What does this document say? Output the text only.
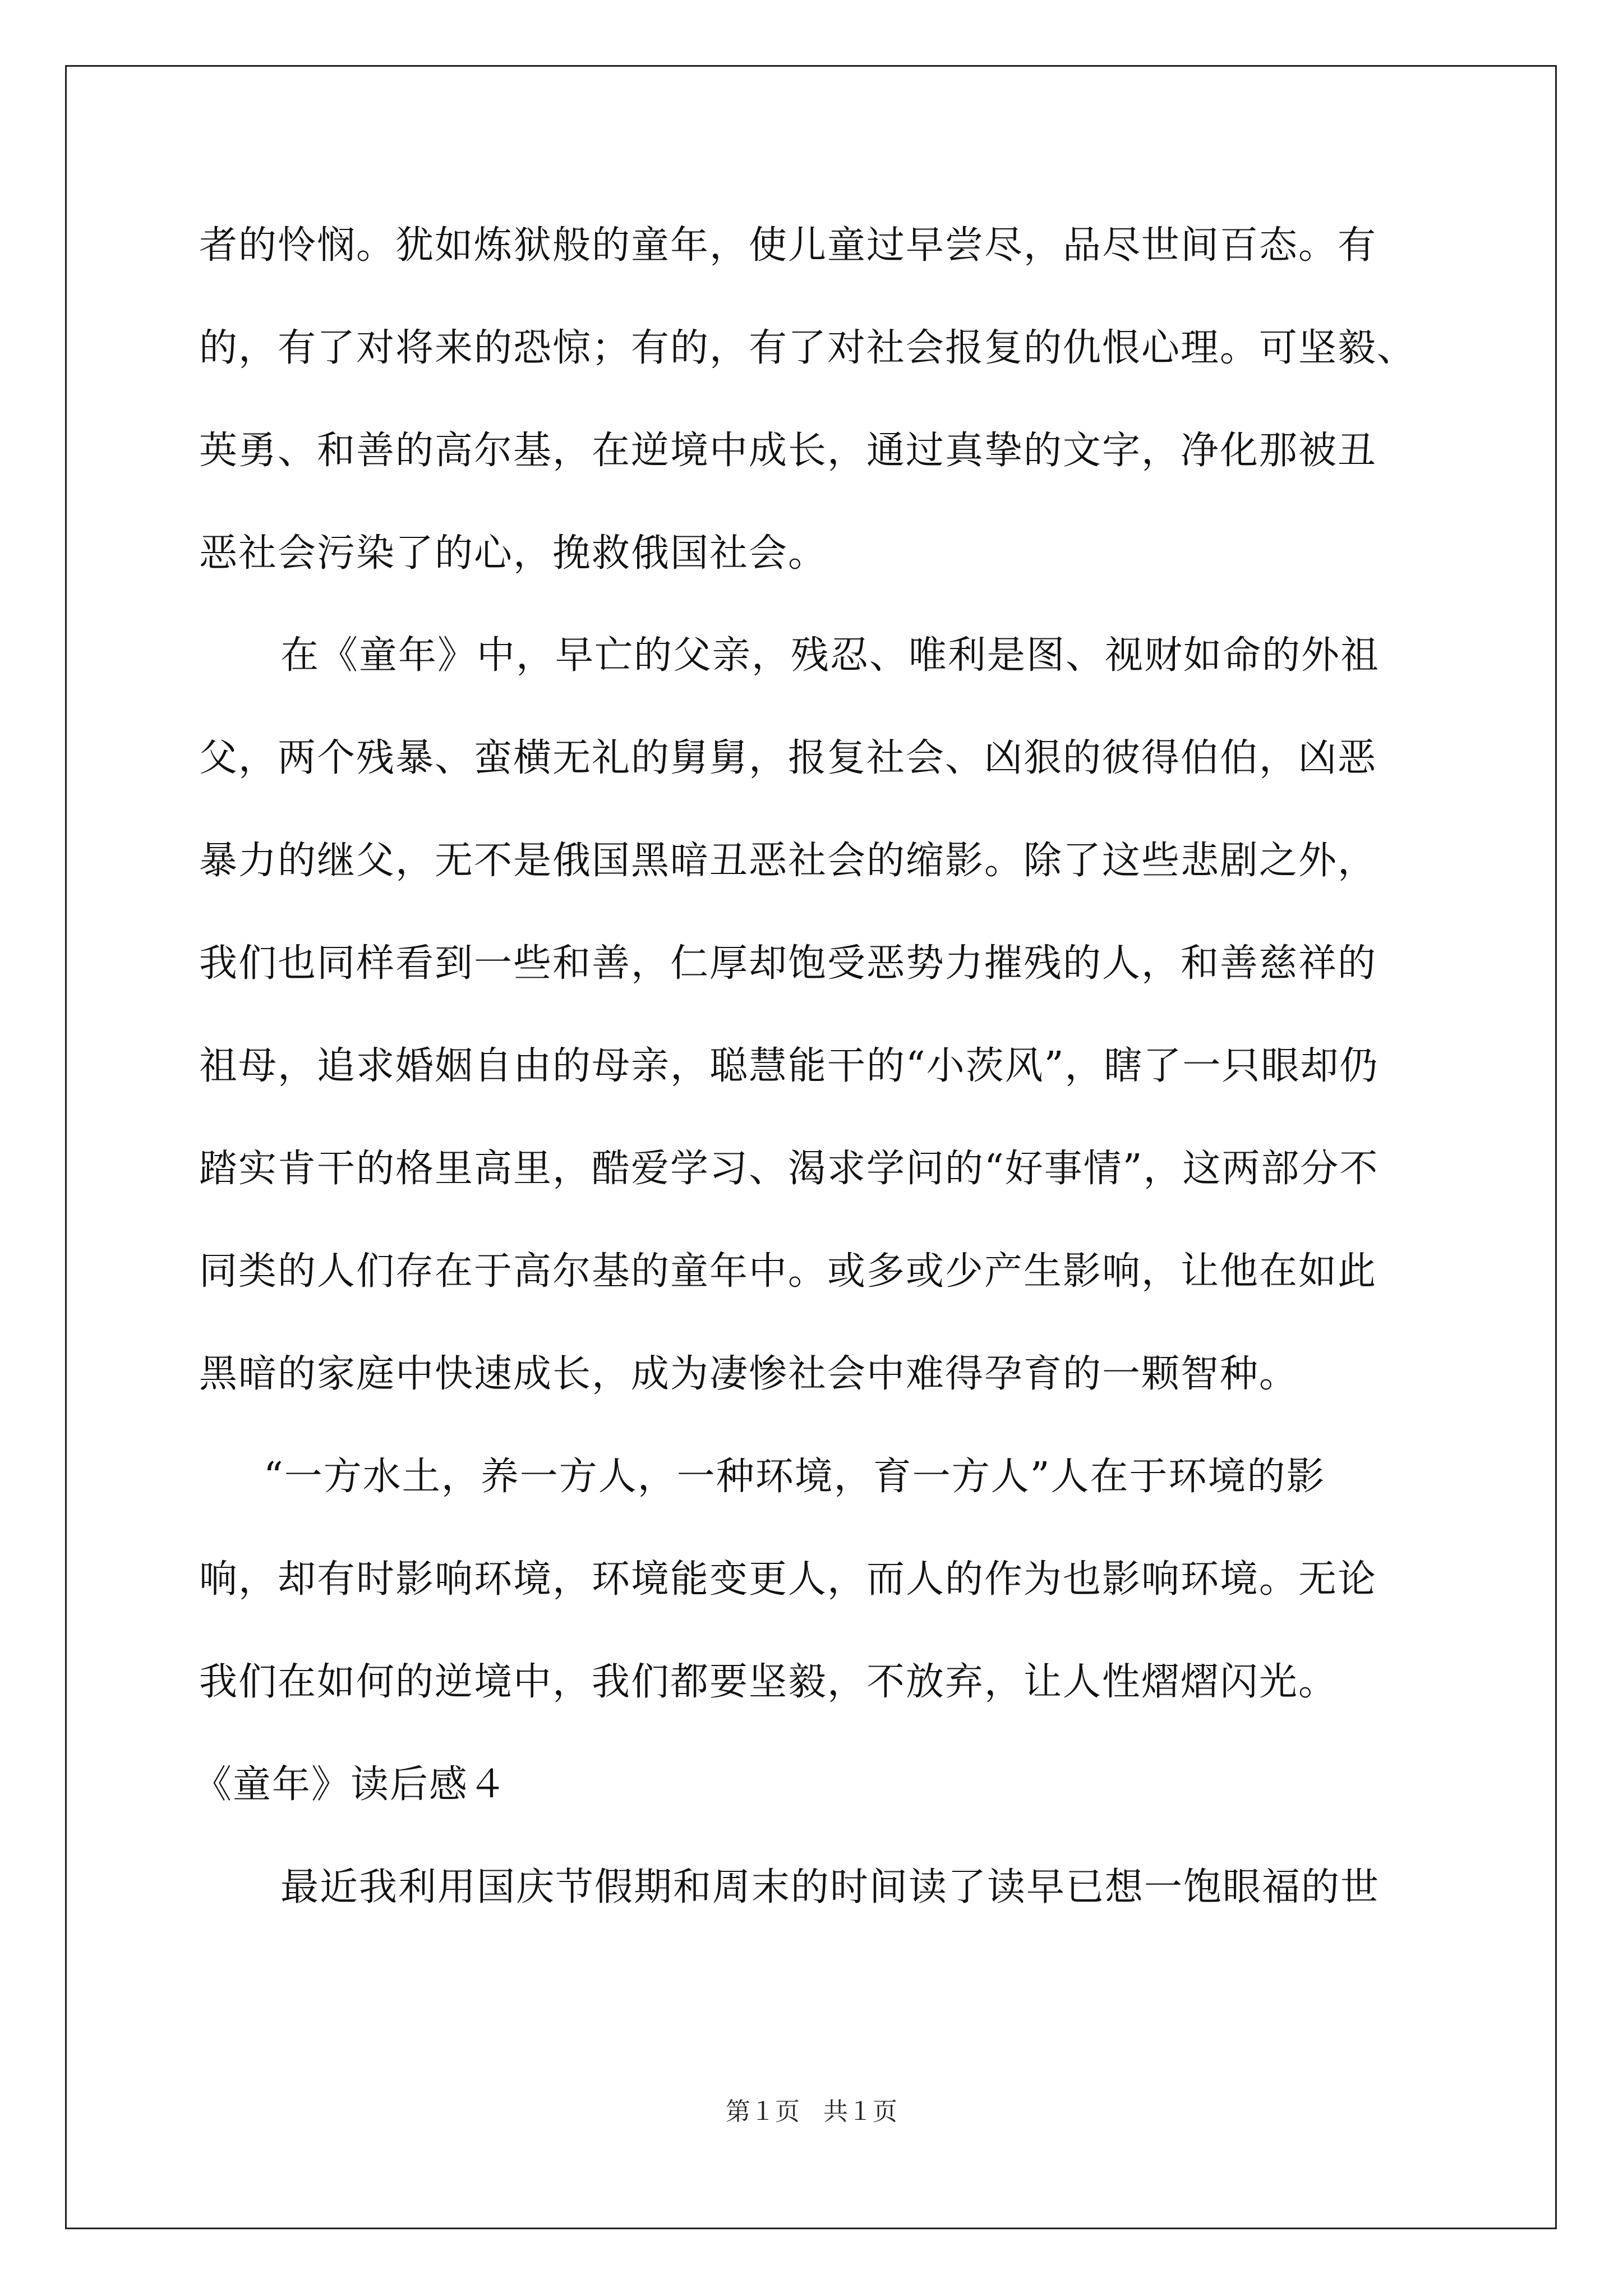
者的怜悯。犹如炼狱般的童年，使儿童过早尝尽，品尽世间百态。有
的，有了对将来的恐惊；有的，有了对社会报复的仇恨心理。可坚毅、
英勇、和善的高尔基，在逆境中成长，通过真挚的文字，净化那被丑
恶社会污染了的心，挽救俄国社会。
在《童年》中，早亡的父亲，残忍、唯利是图、视财如命的外祖
父，两个残暴、蛮横无礼的舅舅，报复社会、凶狠的彼得伯伯，凶恶
暴力的继父，无不是俄国黑暗丑恶社会的缩影。除了这些悲剧之外，
我们也同样看到一些和善，仁厚却饱受恶势力摧残的人，和善慈祥的
祖母，追求婚姻自由的母亲，聪慧能干的“小茨风”，瞎了一只眼却仍
踏实肯干的格里高里，酷爱学习、渴求学问的“好事情”，这两部分不
同类的人们存在于高尔基的童年中。或多或少产生影响，让他在如此
黑暗的家庭中快速成长，成为凄惨社会中难得孕育的一颗智种。
“一方水土，养一方人，一种环境，育一方人”人在于环境的影
响，却有时影响环境，环境能变更人，而人的作为也影响环境。无论
我们在如何的逆境中，我们都要坚毅，不放弃，让人性熠熠闪光。
《童年》读后感４
最近我利用国庆节假期和周末的时间读了读早已想一饱眼福的世
第１页 共１页
